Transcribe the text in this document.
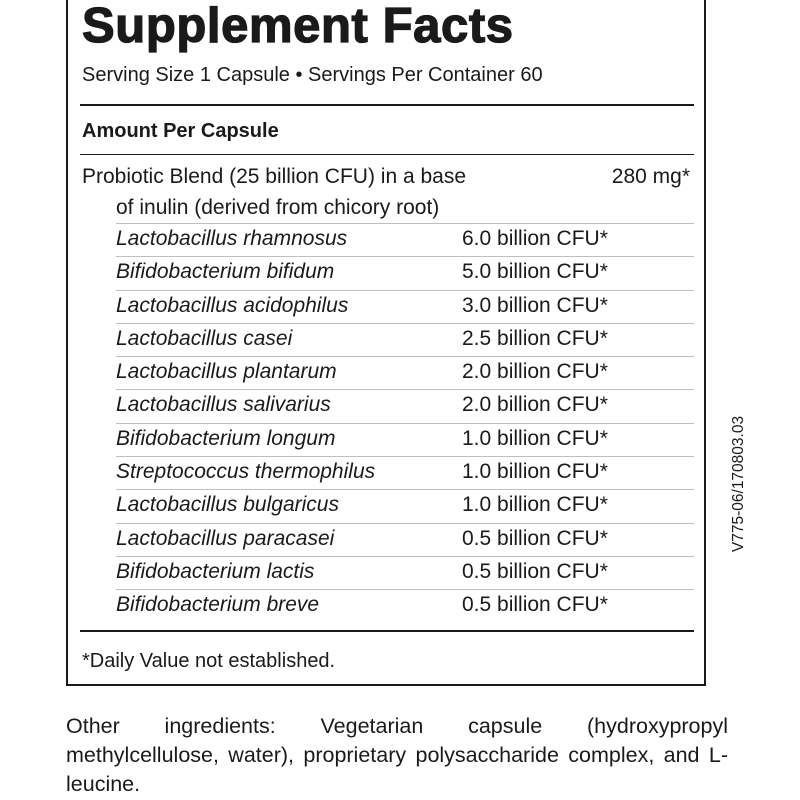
Supplement Facts
Serving Size 1 Capsule • Servings Per Container 60
Amount Per Capsule
Probiotic Blend (25 billion CFU) in a base
of inulin (derived from chicory root)
280 mg*
Lactobacillus rhamnosus	6.0 billion CFU*
Bifidobacterium bifidum	5.0 billion CFU*
Lactobacillus acidophilus	3.0 billion CFU*
Lactobacillus casei	2.5 billion CFU*
Lactobacillus plantarum	2.0 billion CFU*
Lactobacillus salivarius	2.0 billion CFU*
Bifidobacterium longum	1.0 billion CFU*
Streptococcus thermophilus	1.0 billion CFU*
Lactobacillus bulgaricus	1.0 billion CFU*
Lactobacillus paracasei	0.5 billion CFU*
Bifidobacterium lactis	0.5 billion CFU*
Bifidobacterium breve	0.5 billion CFU*
*Daily Value not established.
V775-06/170803.03
Other ingredients: Vegetarian capsule (hydroxypropyl methylcellulose, water), proprietary polysaccharide complex, and L-leucine.
